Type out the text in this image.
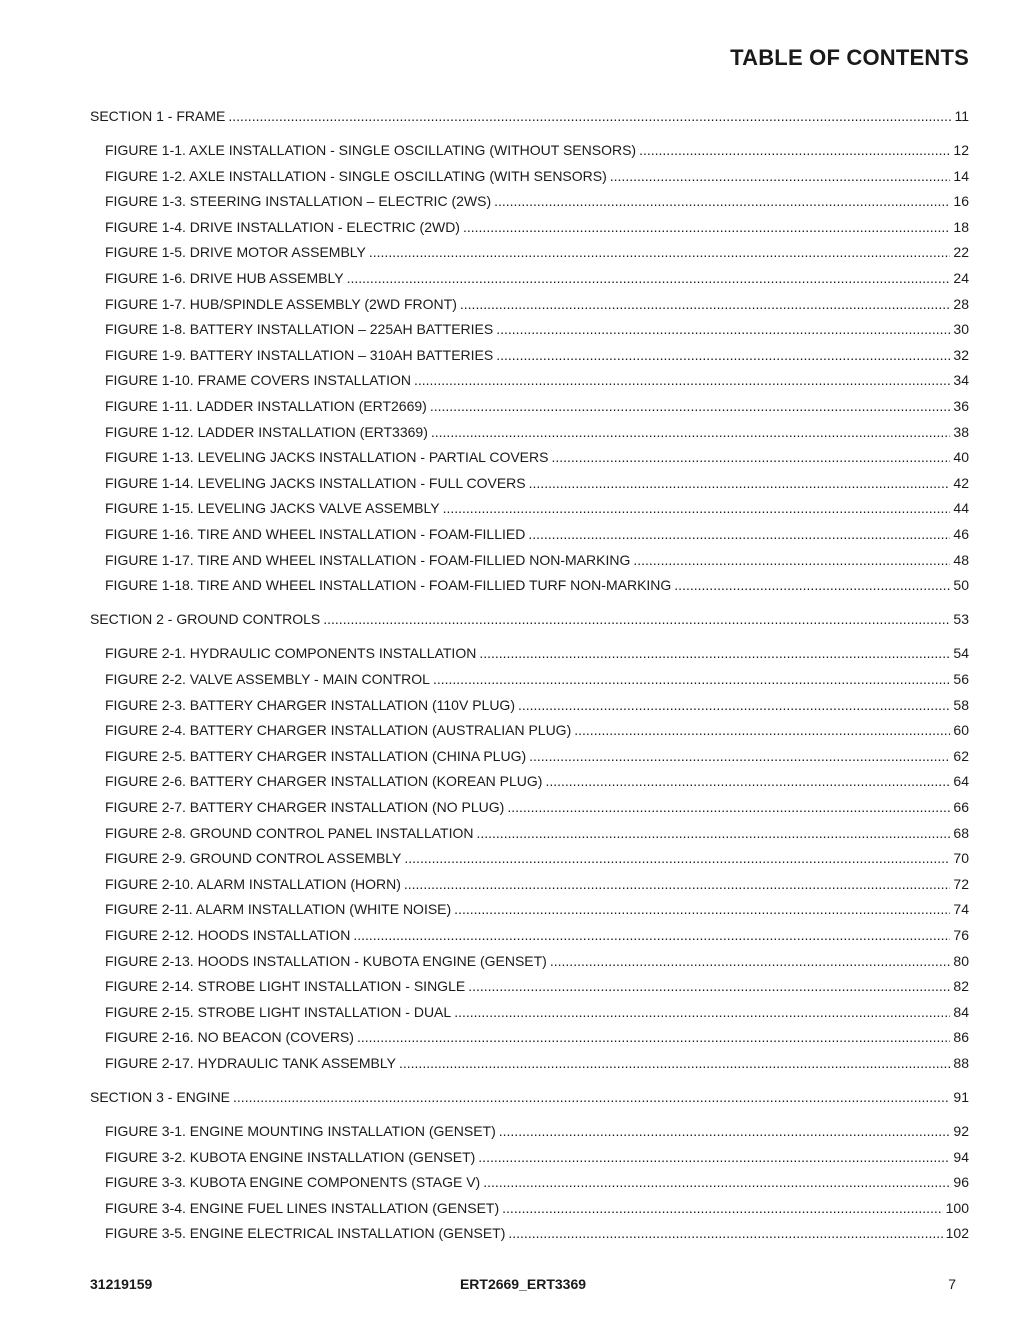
TABLE OF CONTENTS
SECTION 1 - FRAME .....	11
FIGURE 1-1. AXLE INSTALLATION - SINGLE OSCILLATING (WITHOUT SENSORS) .....	12
FIGURE 1-2. AXLE INSTALLATION - SINGLE OSCILLATING (WITH SENSORS) .....	14
FIGURE 1-3. STEERING INSTALLATION – ELECTRIC (2WS) .....	16
FIGURE 1-4. DRIVE INSTALLATION - ELECTRIC (2WD) .....	18
FIGURE 1-5. DRIVE MOTOR ASSEMBLY .....	22
FIGURE 1-6. DRIVE HUB ASSEMBLY .....	24
FIGURE 1-7. HUB/SPINDLE ASSEMBLY (2WD FRONT) .....	28
FIGURE 1-8. BATTERY INSTALLATION – 225AH BATTERIES .....	30
FIGURE 1-9. BATTERY INSTALLATION – 310AH BATTERIES .....	32
FIGURE 1-10. FRAME COVERS INSTALLATION .....	34
FIGURE 1-11. LADDER INSTALLATION (ERT2669) .....	36
FIGURE 1-12. LADDER INSTALLATION (ERT3369) .....	38
FIGURE 1-13. LEVELING JACKS INSTALLATION - PARTIAL COVERS .....	40
FIGURE 1-14. LEVELING JACKS INSTALLATION - FULL COVERS .....	42
FIGURE 1-15. LEVELING JACKS VALVE ASSEMBLY .....	44
FIGURE 1-16. TIRE AND WHEEL INSTALLATION - FOAM-FILLIED .....	46
FIGURE 1-17. TIRE AND WHEEL INSTALLATION - FOAM-FILLIED NON-MARKING .....	48
FIGURE 1-18. TIRE AND WHEEL INSTALLATION - FOAM-FILLIED TURF NON-MARKING .....	50
SECTION 2 - GROUND CONTROLS .....	53
FIGURE 2-1. HYDRAULIC COMPONENTS INSTALLATION .....	54
FIGURE 2-2. VALVE ASSEMBLY - MAIN CONTROL .....	56
FIGURE 2-3. BATTERY CHARGER INSTALLATION (110V PLUG) .....	58
FIGURE 2-4. BATTERY CHARGER INSTALLATION (AUSTRALIAN PLUG) .....	60
FIGURE 2-5. BATTERY CHARGER INSTALLATION (CHINA PLUG) .....	62
FIGURE 2-6. BATTERY CHARGER INSTALLATION (KOREAN PLUG) .....	64
FIGURE 2-7. BATTERY CHARGER INSTALLATION (NO PLUG) .....	66
FIGURE 2-8. GROUND CONTROL PANEL INSTALLATION .....	68
FIGURE 2-9. GROUND CONTROL ASSEMBLY .....	70
FIGURE 2-10. ALARM INSTALLATION (HORN) .....	72
FIGURE 2-11. ALARM INSTALLATION (WHITE NOISE) .....	74
FIGURE 2-12. HOODS INSTALLATION .....	76
FIGURE 2-13. HOODS INSTALLATION - KUBOTA ENGINE (GENSET) .....	80
FIGURE 2-14. STROBE LIGHT INSTALLATION - SINGLE .....	82
FIGURE 2-15. STROBE LIGHT INSTALLATION - DUAL .....	84
FIGURE 2-16. NO BEACON (COVERS) .....	86
FIGURE 2-17. HYDRAULIC TANK ASSEMBLY .....	88
SECTION 3 - ENGINE .....	91
FIGURE 3-1. ENGINE MOUNTING INSTALLATION (GENSET) .....	92
FIGURE 3-2. KUBOTA ENGINE INSTALLATION (GENSET) .....	94
FIGURE 3-3. KUBOTA ENGINE COMPONENTS (STAGE V) .....	96
FIGURE 3-4. ENGINE FUEL LINES INSTALLATION (GENSET) .....	100
FIGURE 3-5. ENGINE ELECTRICAL INSTALLATION (GENSET) .....	102
31219159	ERT2669_ERT3369	7
